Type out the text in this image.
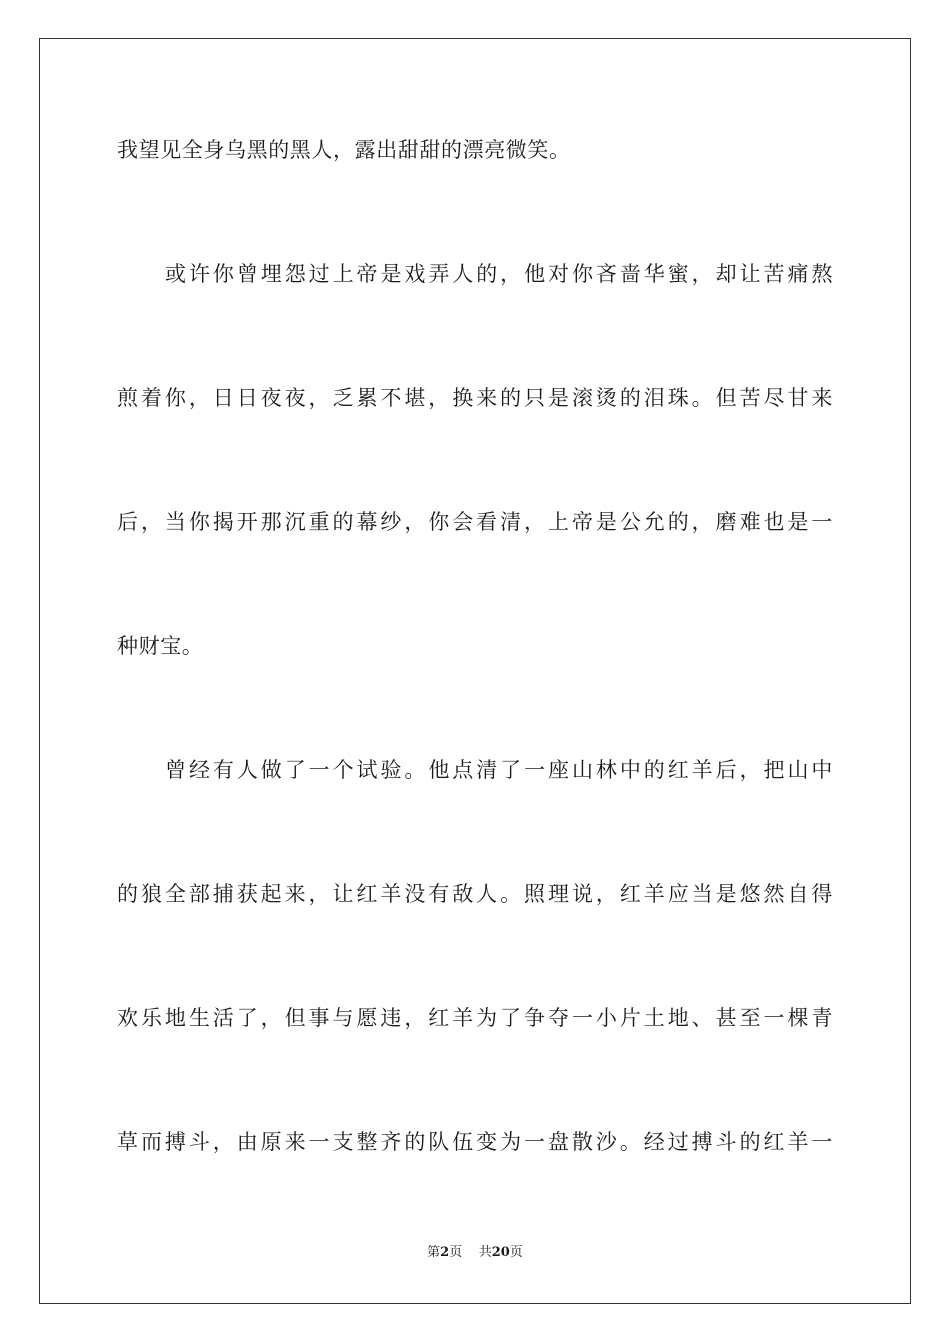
我望见全身乌黑的黑人，露出甜甜的漂亮微笑。
或许你曾埋怨过上帝是戏弄人的，他对你吝啬华蜜，却让苦痛熬
煎着你，日日夜夜，乏累不堪，换来的只是滚烫的泪珠。但苦尽甘来
后，当你揭开那沉重的幕纱，你会看清，上帝是公允的，磨难也是一
种财宝。
曾经有人做了一个试验。他点清了一座山林中的红羊后，把山中
的狼全部捕获起来，让红羊没有敌人。照理说，红羊应当是悠然自得
欢乐地生活了，但事与愿违，红羊为了争夺一小片土地、甚至一棵青
草而搏斗，由原来一支整齐的队伍变为一盘散沙。经过搏斗的红羊一
第2页 共20页
